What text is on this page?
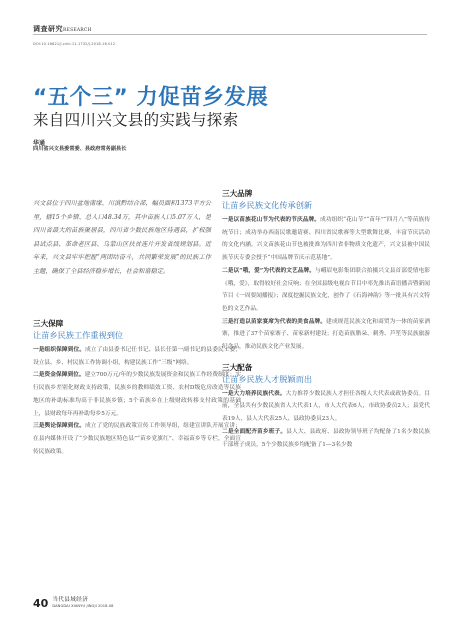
调查研究RESEARCH
DOI:10.16621/j.cnki.11-1732/J.2018.16.012
“五个三” 力促苗乡发展
来自四川兴文县的实践与探索
华通
四川省兴文县委常委、县政府常务副县长
兴文县位于四川盆地南缘、川滇黔结合部，幅员面积1373平方公里，辖15个乡镇、总人口48.34万，其中苗族人口5.07万人，是四川省最大的苗族聚居县，四川省少数民族地区待遇县，扩权强县试点县、革命老区县、乌蒙山区扶贫连片开发省级规划县。近年来，兴文县牢牢把握“两团结奋斗，共同繁荣发展”的民族工作主题，确保了全县经济稳步增长，社会和谐稳定。
三大保障
让苗乡民族工作重视到位
一是组织保障到位。成立了由县委书记任书记、县长任第一副书记的县委民工委，设立县、乡、村民族工作协调小组，构建民族工作“三级”网络。
二是资金保障到位。建立700万元/年的少数民族发展资金和民族工作经费制度；实行民族乡差别化财政支持政策，民族乡的教师绩效工资、农村D级危房改造等民族地区的补助标准均高于非民族乡镇；5个苗族乡在上级财政转移支付政策的基础上，县财政每年再补助每乡5万元。
三是舆论保障到位。成立了党的民族政策宣传工作领导组，组建宣讲队开展宣讲；在县内媒体开设了“少数民族地区特色县”“苗乡党旗红”、幸福苗乡等专栏，全面宣传民族政策。
三大品牌
让苗乡民族文化传承创新
一是以苗族花山节为代表的节庆品牌。成功组织“花山节”“苗年”“四月八”等苗族传统节日；成功举办西南民歌邀请赛、四川省民歌赛等大型歌舞比赛，丰富节庆活动的文化内涵。兴文苗族花山节也被批准为四川省非物质文化遗产，兴文县被中国民族节庆专委会授予“中国品牌节庆示范基地”。
二是以“哦，爱”为代表的文艺品牌。与峨眉电影集团联合拍摄兴文县首部爱情电影《哦，爱》，取得较好社会反响；在全国县级电视台节目中率先推出苗语播音暨新闻节目《一周要闻播报》；深度挖掘民族文化，创作了《石海神韵》等一批具有兴文特色的文艺作品。
三是打造以苗家宴席为代表的美食品牌。建成规范民族文化和商贸为一体的苗家酒寨，推进了37个苗家寨子、苗家新村建设；打造苗族腊朵、刺秀、芦笙等民族旅游纪念品，推动民族文化产业发展。
三大配备
让苗乡民族人才脱颖而出
一是大力培养民族代表。大力推荐少数民族人才担任各级人大代表或政协委员。目前，全县共有少数民族省人大代表1人，市人大代表6人，市政协委员2人；县党代表19人、县人大代表25人、县政协委员23人。
二是全面配齐苗乡班子。县人大、县政府、县政协领导班子均配备了1名少数民族干部班子成员，5个少数民族乡均配备了1—3名少数
40 当代县域经济
DANGDAI XIANYU JINGJI 2018.08
